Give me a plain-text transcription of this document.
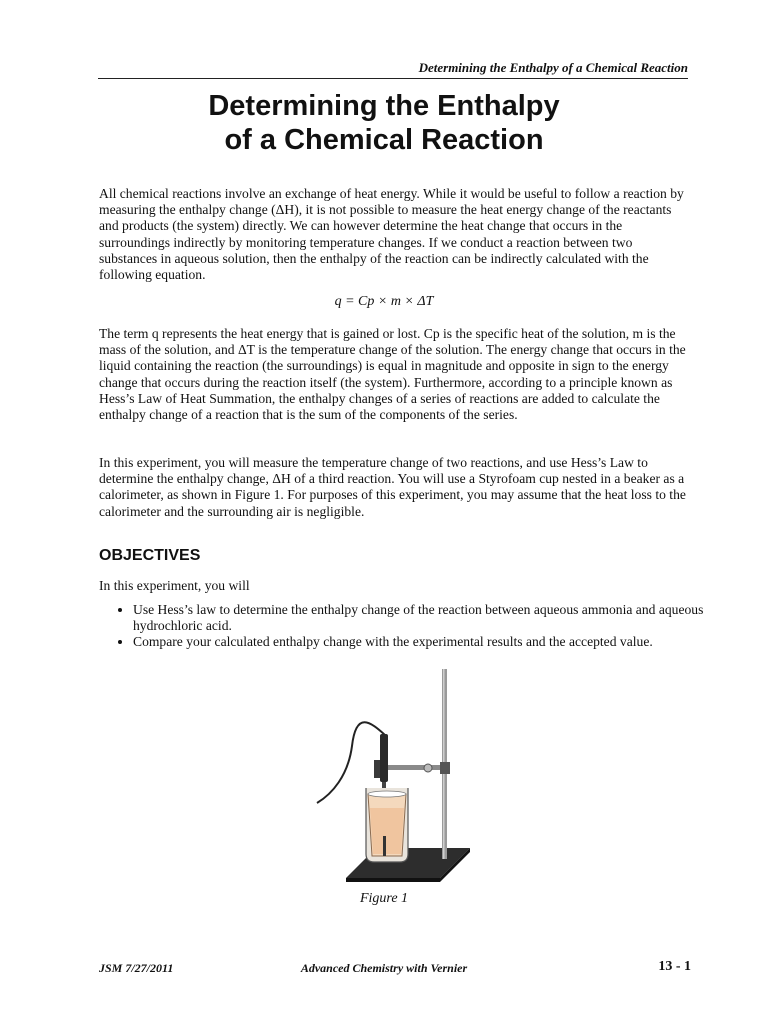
Determining the Enthalpy of a Chemical Reaction
Determining the Enthalpy
of a Chemical Reaction

All chemical reactions involve an exchange of heat energy. While it would be useful to follow a reaction by measuring the enthalpy change (ΔH), it is not possible to measure the heat energy change of the reactants and products (the system) directly. We can however determine the heat change that occurs in the surroundings indirectly by monitoring temperature changes. If we conduct a reaction between two substances in aqueous solution, then the enthalpy of the reaction can be indirectly calculated with the following equation.

q = Cp × m × ΔT

The term q represents the heat energy that is gained or lost. Cp is the specific heat of the solution, m is the mass of the solution, and ΔT is the temperature change of the solution. The energy change that occurs in the liquid containing the reaction (the surroundings) is equal in magnitude and opposite in sign to the energy change that occurs during the reaction itself (the system). Furthermore, according to a principle known as Hess’s Law of Heat Summation, the enthalpy changes of a series of reactions are added to calculate the enthalpy change of a reaction that is the sum of the components of the series.

In this experiment, you will measure the temperature change of two reactions, and use Hess’s Law to determine the enthalpy change, ΔH of a third reaction. You will use a Styrofoam cup nested in a beaker as a calorimeter, as shown in Figure 1. For purposes of this experiment, you may assume that the heat loss to the calorimeter and the surrounding air is negligible.

OBJECTIVES

In this experiment, you will

• Use Hess’s law to determine the enthalpy change of the reaction between aqueous ammonia and aqueous hydrochloric acid.
• Compare your calculated enthalpy change with the experimental results and the accepted value.
Figure 1
JSM 7/27/2011	Advanced Chemistry with Vernier	13 - 1
